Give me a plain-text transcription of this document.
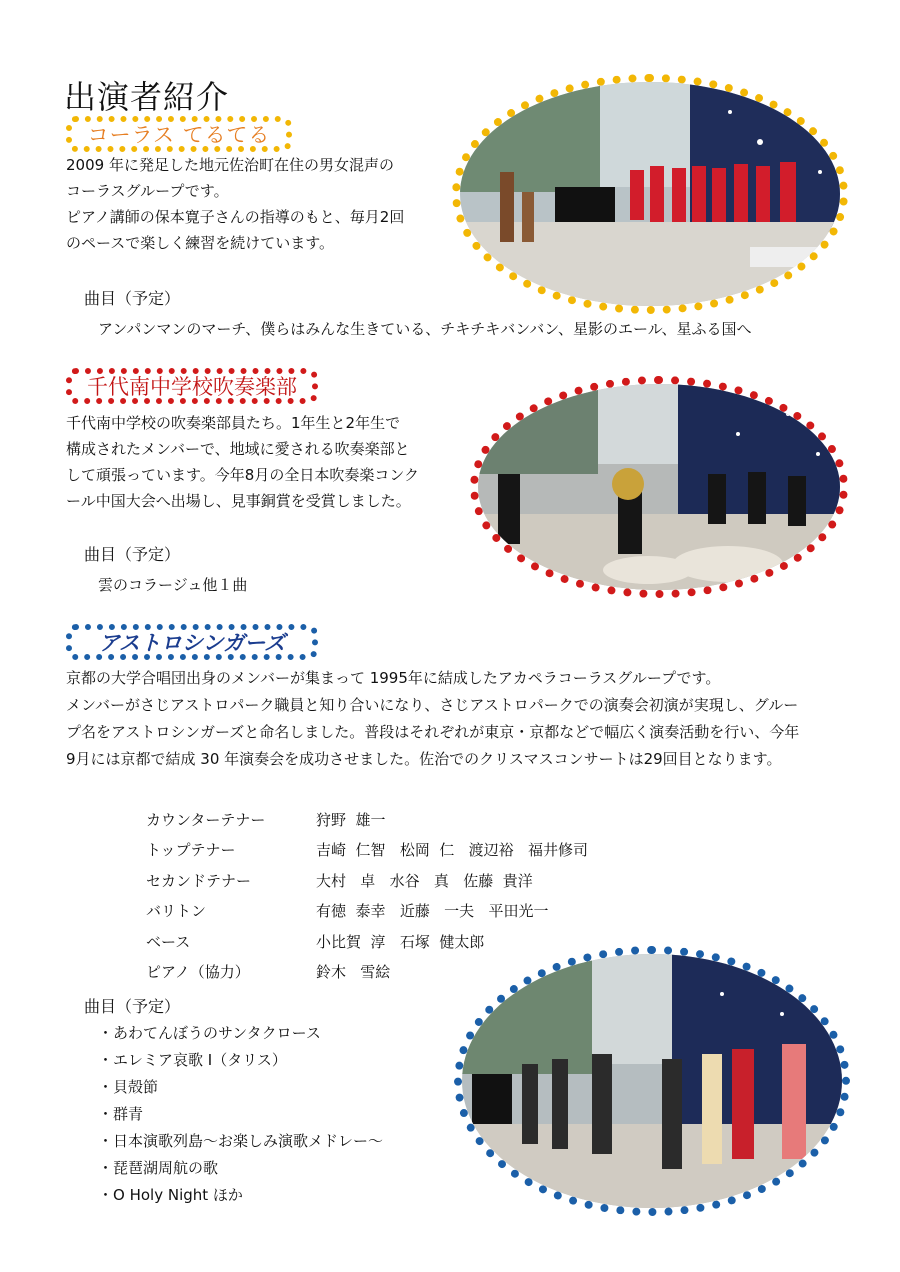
出演者紹介
コーラス てるてる
2009 年に発足した地元佐治町在住の男女混声の
コーラスグループです。
ピアノ講師の保本寛子さんの指導のもと、毎月2回
のペースで楽しく練習を続けています。
曲目（予定）
アンパンマンのマーチ、僕らはみんな生きている、チキチキバンバン、星影のエール、星ふる国へ
千代南中学校吹奏楽部
千代南中学校の吹奏楽部員たち。1年生と2年生で
構成されたメンバーで、地域に愛される吹奏楽部と
して頑張っています。今年8月の全日本吹奏楽コンク
ール中国大会へ出場し、見事銅賞を受賞しました。
曲目（予定）
雲のコラージュ他１曲
アストロシンガーズ
京都の大学合唱団出身のメンバーが集まって 1995年に結成したアカペラコーラスグループです。
メンバーがさじアストロパーク職員と知り合いになり、さじアストロパークでの演奏会初演が実現し、グルー
プ名をアストロシンガーズと命名しました。普段はそれぞれが東京・京都などで幅広く演奏活動を行い、今年
9月には京都で結成 30 年演奏会を成功させました。佐治でのクリスマスコンサートは29回目となります。
カウンターテナー	狩野  雄一
トップテナー	吉崎  仁智   松岡  仁   渡辺裕   福井修司
セカンドテナー	大村   卓   水谷   真   佐藤  貴洋
バリトン	有徳  泰幸   近藤   一夫   平田光一
ベース	小比賀  淳   石塚  健太郎
ピアノ（協力）	鈴木   雪絵
曲目（予定）
・あわてんぼうのサンタクロース
・エレミア哀歌 Ⅰ（タリス）
・貝殻節
・群青
・日本演歌列島～お楽しみ演歌メドレー～
・琵琶湖周航の歌
・O Holy Night ほか
